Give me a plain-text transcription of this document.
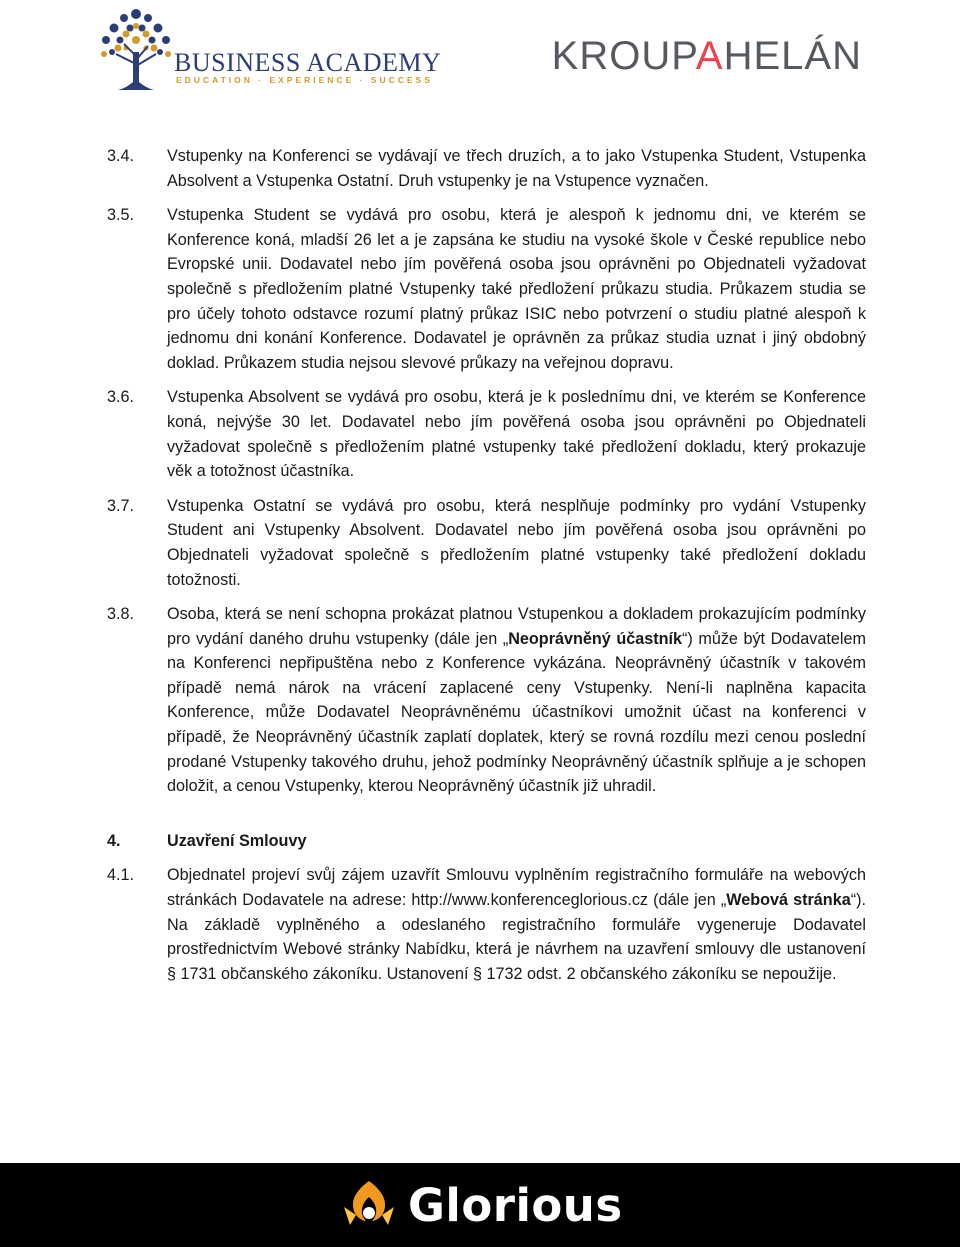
BUSINESS ACADEMY
EDUCATION · EXPERIENCE · SUCCESS
KROUPAHELÁN
3.4.	Vstupenky na Konferenci se vydávají ve třech druzích, a to jako Vstupenka Student, Vstupenka Absolvent a Vstupenka Ostatní. Druh vstupenky je na Vstupence vyznačen.
3.5.	Vstupenka Student se vydává pro osobu, která je alespoň k jednomu dni, ve kterém se Konference koná, mladší 26 let a je zapsána ke studiu na vysoké škole v České republice nebo Evropské unii. Dodavatel nebo jím pověřená osoba jsou oprávněni po Objednateli vyžadovat společně s předložením platné Vstupenky také předložení průkazu studia. Průkazem studia se pro účely tohoto odstavce rozumí platný průkaz ISIC nebo potvrzení o studiu platné alespoň k jednomu dni konání Konference. Dodavatel je oprávněn za průkaz studia uznat i jiný obdobný doklad. Průkazem studia nejsou slevové průkazy na veřejnou dopravu.
3.6.	Vstupenka Absolvent se vydává pro osobu, která je k poslednímu dni, ve kterém se Konference koná, nejvýše 30 let. Dodavatel nebo jím pověřená osoba jsou oprávněni po Objednateli vyžadovat společně s předložením platné vstupenky také předložení dokladu, který prokazuje věk a totožnost účastníka.
3.7.	Vstupenka Ostatní se vydává pro osobu, která nesplňuje podmínky pro vydání Vstupenky Student ani Vstupenky Absolvent. Dodavatel nebo jím pověřená osoba jsou oprávněni po Objednateli vyžadovat společně s předložením platné vstupenky také předložení dokladu totožnosti.
3.8.	Osoba, která se není schopna prokázat platnou Vstupenkou a dokladem prokazujícím podmínky pro vydání daného druhu vstupenky (dále jen „Neoprávněný účastník“) může být Dodavatelem na Konferenci nepřipuštěna nebo z Konference vykázána. Neoprávněný účastník v takovém případě nemá nárok na vrácení zaplacené ceny Vstupenky. Není-li naplněna kapacita Konference, může Dodavatel Neoprávněnému účastníkovi umožnit účast na konferenci v případě, že Neoprávněný účastník zaplatí doplatek, který se rovná rozdílu mezi cenou poslední prodané Vstupenky takového druhu, jehož podmínky Neoprávněný účastník splňuje a je schopen doložit, a cenou Vstupenky, kterou Neoprávněný účastník již uhradil.
4.	Uzavření Smlouvy
4.1.	Objednatel projeví svůj zájem uzavřít Smlouvu vyplněním registračního formuláře na webových stránkách Dodavatele na adrese: http://www.konferenceglorious.cz (dále jen „Webová stránka“). Na základě vyplněného a odeslaného registračního formuláře vygeneruje Dodavatel prostřednictvím Webové stránky Nabídku, která je návrhem na uzavření smlouvy dle ustanovení § 1731 občanského zákoníku. Ustanovení § 1732 odst. 2 občanského zákoníku se nepoužije.
Glorious
